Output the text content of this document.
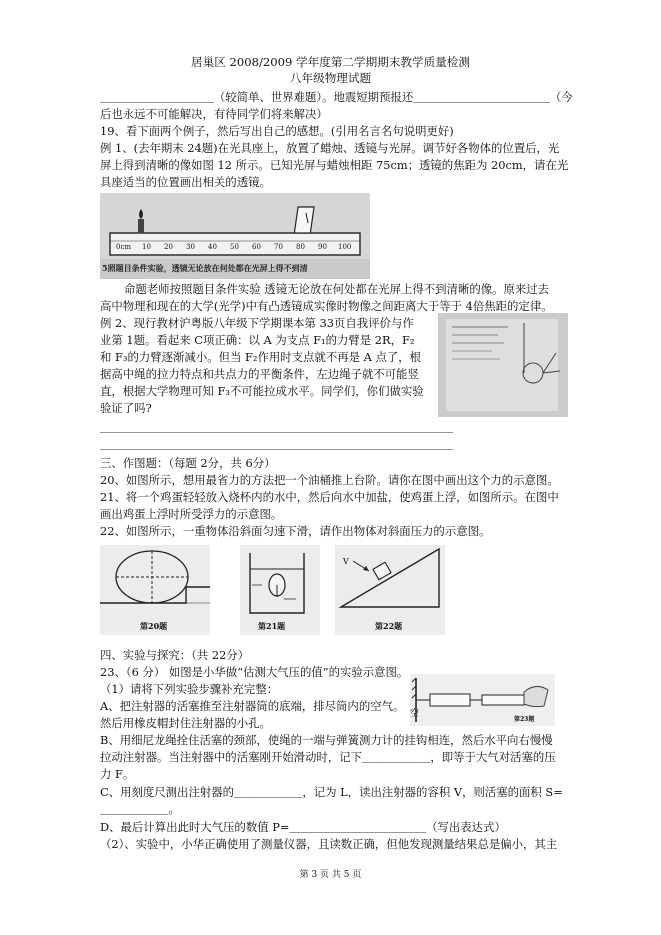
居巢区 2008/2009 学年度第二学期期末教学质量检测
八年级物理试题
＿＿＿＿＿＿＿＿＿＿（较简单、世界难题）。地震短期预报还＿＿＿＿＿＿＿＿＿＿＿＿（今
后也永远不可能解决，有待同学们将来解决）
19、看下面两个例子，然后写出自己的感想。(引用名言名句说明更好)
例 1、(去年期末 24题)在光具座上，放置了蜡烛、透镜与光屏。调节好各物体的位置后，光
屏上得到清晰的像如图 12 所示。已知光屏与蜡烛相距 75cm；透镜的焦距为 20cm，请在光
具座适当的位置画出相关的透镜。
0cm 10 20 30 40 50 60 70 80 90 100
5照题目条件实验，透镜无论放在何处都在光屏上得不到清
命题老师按照题目条件实验 透镜无论放在何处都在光屏上得不到清晰的像。原来过去
高中物理和现在的大学(光学)中有凸透镜成实像时物像之间距离大于等于 4倍焦距的定律。
例 2、现行教材沪粤版八年级下学期课本第 33页自我评价与作
业第 1题。看起来 C项正确：以 A 为支点 F₁的力臂是 2R，F₂
和 F₃的力臂逐渐减小。但当 F₂作用时支点就不再是 A 点了，根
据高中绳的拉力特点和共点力的平衡条件，左边绳子就不可能竖
直，根据大学物理可知 F₃不可能拉成水平。同学们，你们做实验
验证了吗?
＿＿＿＿＿＿＿＿＿＿＿＿＿＿＿＿＿＿＿＿＿＿＿＿＿＿＿＿＿＿＿
＿＿＿＿＿＿＿＿＿＿＿＿＿＿＿＿＿＿＿＿＿＿＿＿＿＿＿＿＿＿＿
三、作图题：（每题 2分，共 6分）
20、如图所示，想用最省力的方法把一个油桶推上台阶。请你在图中画出这个力的示意图。
21、将一个鸡蛋轻轻放入烧杯内的水中，然后向水中加盐，使鸡蛋上浮，如图所示。在图中
画出鸡蛋上浮时所受浮力的示意图。
22、如图所示，一重物体沿斜面匀速下滑，请作出物体对斜面压力的示意图。
第20题	第21题
V
第22题
四、实验与探究：（共 22分）
23、（6 分） 如图是小华做“估测大气压的值”的实验示意图。
（1）请将下列实验步骤补充完整：
A、把注射器的活塞推至注射器筒的底端，排尽筒内的空气。
然后用橡皮帽封住注射器的小孔。
空
第23题
B、用细尼龙绳拴住活塞的颈部，使绳的一端与弹簧测力计的挂钩相连，然后水平向右慢慢
拉动注射器。当注射器中的活塞刚开始滑动时，记下＿＿＿＿＿＿，即等于大气对活塞的压
力 F。
C、用刻度尺测出注射器的＿＿＿＿＿＿，记为 L，读出注射器的容积 V，则活塞的面积 S=
＿＿＿＿＿＿。
D、最后计算出此时大气压的数值 P=＿＿＿＿＿＿＿＿＿＿＿＿（写出表达式）
（2）、实验中，小华正确使用了测量仪器，且读数正确，但他发现测量结果总是偏小，其主
第 3 页 共 5 页
